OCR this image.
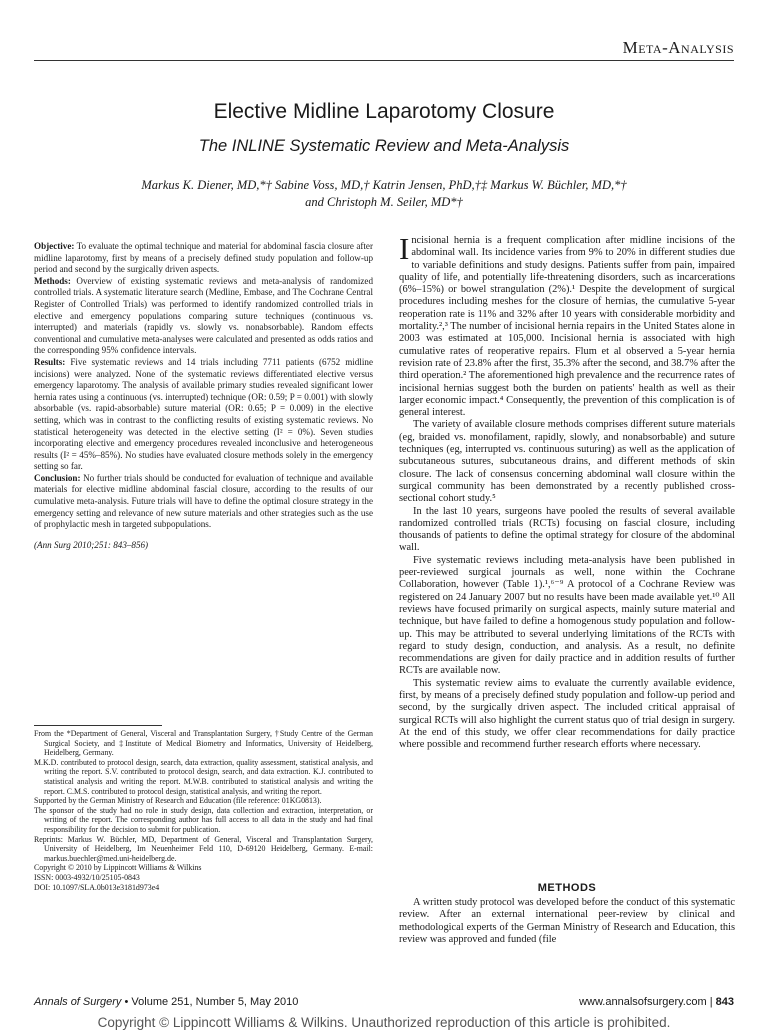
Meta-Analysis
Elective Midline Laparotomy Closure
The INLINE Systematic Review and Meta-Analysis
Markus K. Diener, MD,*† Sabine Voss, MD,† Katrin Jensen, PhD,†‡ Markus W. Büchler, MD,*†
and Christoph M. Seiler, MD*†

Objective: To evaluate the optimal technique and material for abdominal fascia closure after midline laparotomy, first by means of a precisely defined study population and follow-up period and second by the surgically driven aspects.

Methods: Overview of existing systematic reviews and meta-analysis of randomized controlled trials. A systematic literature search (Medline, Embase, and The Cochrane Central Register of Controlled Trials) was performed to identify randomized controlled trials in elective and emergency populations comparing suture techniques (continuous vs. interrupted) and materials (rapidly vs. slowly vs. nonabsorbable). Random effects conventional and cumulative meta-analyses were calculated and presented as odds ratios and the corresponding 95% confidence intervals.

Results: Five systematic reviews and 14 trials including 7711 patients (6752 midline incisions) were analyzed. None of the systematic reviews differentiated elective versus emergency laparotomy. The analysis of available primary studies revealed significant lower hernia rates using a continuous (vs. interrupted) technique (OR: 0.59; P = 0.001) with slowly absorbable (vs. rapid-absorbable) suture material (OR: 0.65; P = 0.009) in the elective setting, which was in contrast to the conflicting results of existing systematic reviews. No statistical heterogeneity was detected in the elective setting (I² = 0%). Seven studies incorporating elective and emergency procedures revealed inconclusive and heterogeneous results (I² = 45%–85%). No studies have evaluated closure methods solely in the emergency setting so far.

Conclusion: No further trials should be conducted for evaluation of technique and available materials for elective midline abdominal fascial closure, according to the results of our cumulative meta-analysis. Future trials will have to define the optimal closure strategy in the emergency setting and relevance of new suture materials and other strategies such as the use of prophylactic mesh in targeted subpopulations.

(Ann Surg 2010;251: 843–856)

From the *Department of General, Visceral and Transplantation Surgery, †Study Centre of the German Surgical Society, and ‡Institute of Medical Biometry and Informatics, University of Heidelberg, Heidelberg, Germany.

M.K.D. contributed to protocol design, search, data extraction, quality assessment, statistical analysis, and writing the report. S.V. contributed to protocol design, search, and data extraction. K.J. contributed to statistical analysis and writing the report. M.W.B. contributed to statistical analysis and writing the report. C.M.S. contributed to protocol design, statistical analysis, and writing the report.

Supported by the German Ministry of Research and Education (file reference: 01KG0813).

The sponsor of the study had no role in study design, data collection and extraction, interpretation, or writing of the report. The corresponding author has full access to all data in the study and had final responsibility for the decision to submit for publication.

Reprints: Markus W. Büchler, MD, Department of General, Visceral and Transplantation Surgery, University of Heidelberg, Im Neuenheimer Feld 110, D-69120 Heidelberg, Germany. E-mail: markus.buechler@med.uni-heidelberg.de.

Copyright © 2010 by Lippincott Williams & Wilkins

ISSN: 0003-4932/10/25105-0843

DOI: 10.1097/SLA.0b013e3181d973e4

Incisional hernia is a frequent complication after midline incisions of the abdominal wall. Its incidence varies from 9% to 20% in different studies due to variable definitions and study designs. Patients suffer from pain, impaired quality of life, and potentially life-threatening disorders, such as incarcerations (6%–15%) or bowel strangulation (2%).¹ Despite the development of surgical procedures including meshes for the closure of hernias, the cumulative 5-year reoperation rate is 11% and 32% after 10 years with considerable morbidity and mortality.²,³ The number of incisional hernia repairs in the United States alone in 2003 was estimated at 105,000. Incisional hernia is associated with high cumulative rates of reoperative repairs. Flum et al observed a 5-year hernia revision rate of 23.8% after the first, 35.3% after the second, and 38.7% after the third operation.² The aforementioned high prevalence and the recurrence rates of incisional hernias suggest both the burden on patients' health as well as their larger economic impact.⁴ Consequently, the prevention of this complication is of general interest.

The variety of available closure methods comprises different suture materials (eg, braided vs. monofilament, rapidly, slowly, and nonabsorbable) and suture techniques (eg, interrupted vs. continuous suturing) as well as the application of subcutaneous sutures, subcutaneous drains, and different methods of skin closure. The lack of consensus concerning abdominal wall closure within the surgical community has been demonstrated by a recently published cross-sectional cohort study.⁵

In the last 10 years, surgeons have pooled the results of several available randomized controlled trials (RCTs) focusing on fascial closure, including thousands of patients to define the optimal strategy for closure of the abdominal wall.

Five systematic reviews including meta-analysis have been published in peer-reviewed surgical journals as well, none within the Cochrane Collaboration, however (Table 1).¹,⁶⁻⁹ A protocol of a Cochrane Review was registered on 24 January 2007 but no results have been made available yet.¹⁰ All reviews have focused primarily on surgical aspects, mainly suture material and technique, but have failed to define a homogenous study population and follow-up. This may be attributed to several underlying limitations of the RCTs with regard to study design, conduction, and analysis. As a result, no definite recommendations are given for daily practice and in addition results of further RCTs are available now.

This systematic review aims to evaluate the currently available evidence, first, by means of a precisely defined study population and follow-up period and second, by the surgically driven aspect. The included critical appraisal of surgical RCTs will also highlight the current status quo of trial design in surgery. At the end of this study, we offer clear recommendations for daily practice where possible and recommend further research efforts where necessary.

METHODS

A written study protocol was developed before the conduct of this systematic review. After an external international peer-review by clinical and methodological experts of the German Ministry of Research and Education, this review was approved and funded (file

Annals of Surgery • Volume 251, Number 5, May 2010	www.annalsofsurgery.com | 843
Copyright © Lippincott Williams & Wilkins. Unauthorized reproduction of this article is prohibited.
